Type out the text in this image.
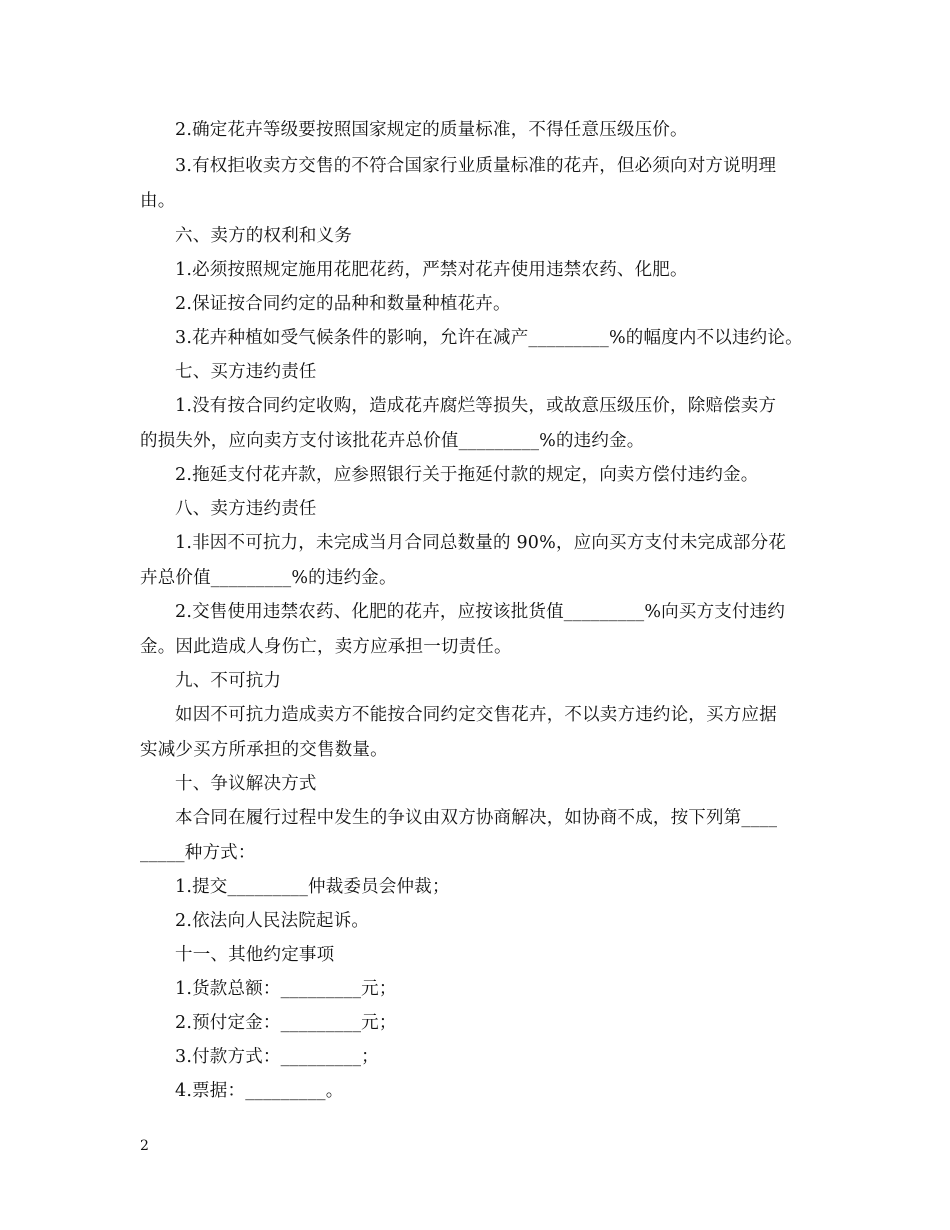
2.确定花卉等级要按照国家规定的质量标准，不得任意压级压价。
3.有权拒收卖方交售的不符合国家行业质量标准的花卉，但必须向对方说明理
由。
六、卖方的权利和义务
1.必须按照规定施用花肥花药，严禁对花卉使用违禁农药、化肥。
2.保证按合同约定的品种和数量种植花卉。
3.花卉种植如受气候条件的影响，允许在减产_________%的幅度内不以违约论。
七、买方违约责任
1.没有按合同约定收购，造成花卉腐烂等损失，或故意压级压价，除赔偿卖方
的损失外，应向卖方支付该批花卉总价值_________%的违约金。
2.拖延支付花卉款，应参照银行关于拖延付款的规定，向卖方偿付违约金。
八、卖方违约责任
1.非因不可抗力，未完成当月合同总数量的 90%，应向买方支付未完成部分花
卉总价值_________%的违约金。
2.交售使用违禁农药、化肥的花卉，应按该批货值_________%向买方支付违约
金。因此造成人身伤亡，卖方应承担一切责任。
九、不可抗力
如因不可抗力造成卖方不能按合同约定交售花卉，不以卖方违约论，买方应据
实减少买方所承担的交售数量。
十、争议解决方式
本合同在履行过程中发生的争议由双方协商解决，如协商不成，按下列第____
_____种方式：
1.提交_________仲裁委员会仲裁；
2.依法向人民法院起诉。
十一、其他约定事项
1.货款总额：_________元；
2.预付定金：_________元；
3.付款方式：_________；
4.票据：_________。
2
